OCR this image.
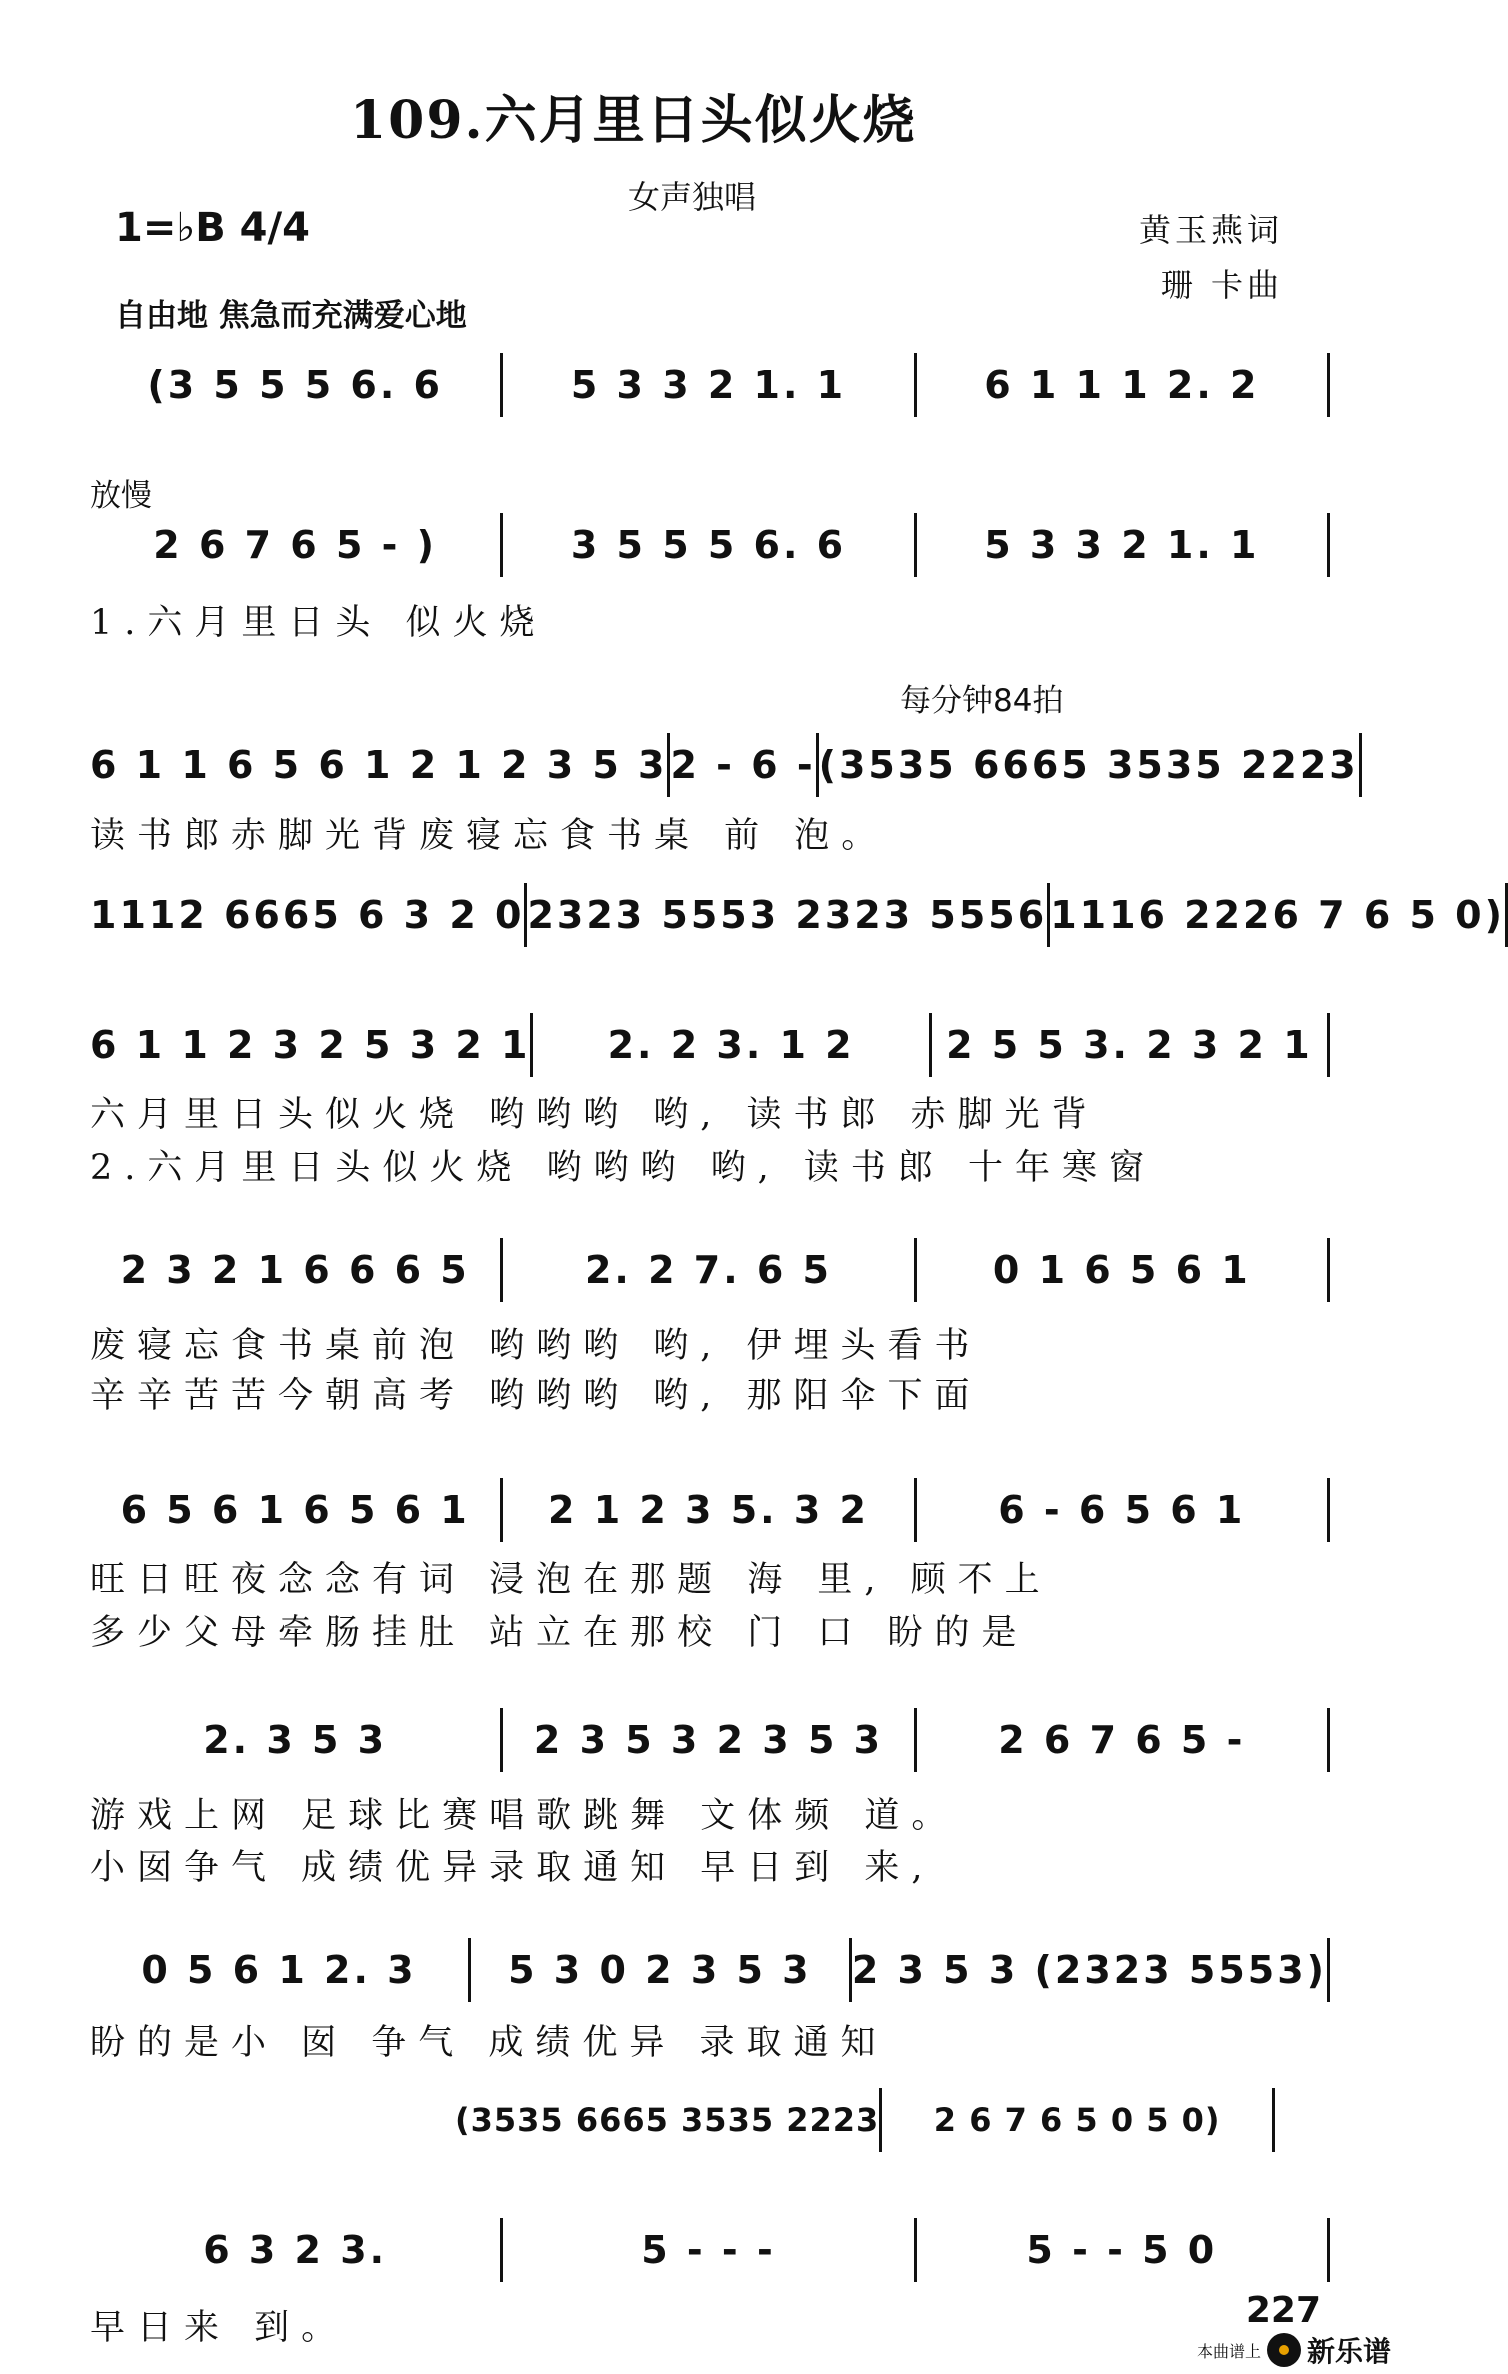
109.六月里日头似火烧
女声独唱
1=♭B 4/4	黄玉燕词
珊 卡曲
自由地 焦急而充满爱心地
放慢
每分钟84拍
(3 5 5 5 6. 6	5 3 3 2 1. 1	6 1 1 1 2. 2
2 6 7 6 5 - )	3 5 5 5 6. 6	5 3 3 2 1. 1
1.六月里日头 似火烧
6 1 1 6 5 6 1 2 1 2 3 5 3 2 - 6 - (3535 6665 3535 2223
读书郎赤脚光背废寝忘食书桌 前 泡。
1112 6665 6 3 2 0 2323 5553 2323 5556 1116 2226 7 6 5 0)
6 1 1 2 3 2 5 3 2 1	2. 2 3. 1 2	2 5 5 3. 2 3 2 1
六月里日头似火烧 哟哟哟 哟, 读书郎 赤脚光背
2.六月里日头似火烧 哟哟哟 哟, 读书郎 十年寒窗
2 3 2 1 6 6 6 5	2. 2 7. 6 5	0 1 6 5 6 1
废寝忘食书桌前泡 哟哟哟 哟, 伊埋头看书
辛辛苦苦今朝高考 哟哟哟 哟, 那阳伞下面
6 5 6 1 6 5 6 1	2 1 2 3 5. 3 2	6 - 6 5 6 1
旺日旺夜念念有词 浸泡在那题 海 里, 顾不上
多少父母牵肠挂肚 站立在那校 门 口 盼的是
2. 3 5 3	2 3 5 3 2 3 5 3	2 6 7 6 5 -
游戏上网 足球比赛唱歌跳舞 文体频 道。
小囡争气 成绩优异录取通知 早日到 来,
0 5 6 1 2. 3	5 3 0 2 3 5 3	2 3 5 3 (2323 5553)
盼的是小 囡 争气 成绩优异 录取通知
(3535 6665 3535 2223	2 6 7 6 5 0 5 0)
6 3 2 3.	5 - - -	5 - - 5 0
早日来 到。	227
本曲谱上 新乐谱
